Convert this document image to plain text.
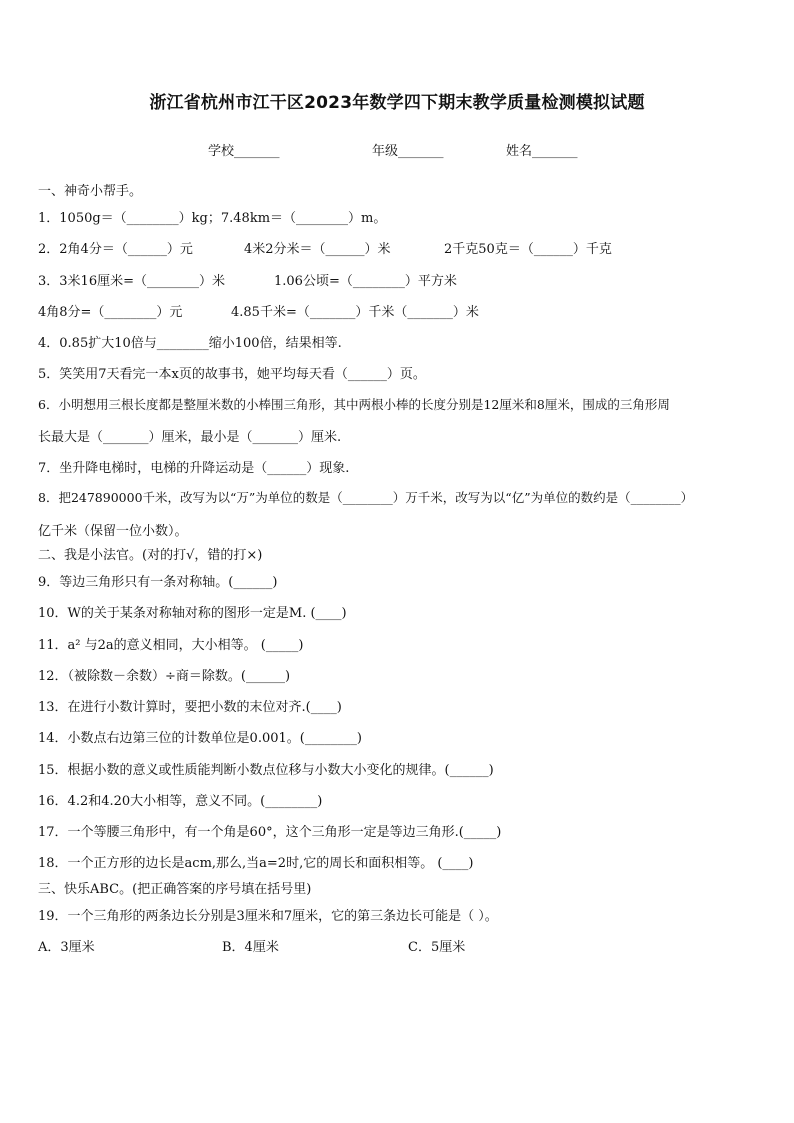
浙江省杭州市江干区2023年数学四下期末教学质量检测模拟试题
学校_______	年级_______	姓名_______
一、神奇小帮手。
1．1050g＝（________）kg；7.48km＝（________）m。
2．2角4分＝（______）元	4米2分米＝（______）米	2千克50克＝（______）千克
3．3米16厘米=（________）米	1.06公顷=（________）平方米
4角8分=（________）元	4.85千米=（_______）千米（_______）米
4．0.85扩大10倍与________缩小100倍，结果相等.
5．笑笑用7天看完一本x页的故事书，她平均每天看（______）页。
6．小明想用三根长度都是整厘米数的小棒围三角形，其中两根小棒的长度分别是12厘米和8厘米，围成的三角形周
长最大是（_______）厘米，最小是（_______）厘米.
7．坐升降电梯时，电梯的升降运动是（______）现象.
8．把247890000千米，改写为以“万”为单位的数是（________）万千米，改写为以“亿”为单位的数约是（________）
亿千米（保留一位小数）。
二、我是小法官。(对的打√，错的打×)
9．等边三角形只有一条对称轴。(______)
10．W的关于某条对称轴对称的图形一定是M. (____)
11．a² 与2a的意义相同，大小相等。 (_____)
12．（被除数－余数）÷商＝除数。(______)
13．在进行小数计算时，要把小数的末位对齐.(____)
14．小数点右边第三位的计数单位是0.001。(________)
15．根据小数的意义或性质能判断小数点位移与小数大小变化的规律。(______)
16．4.2和4.20大小相等，意义不同。(________)
17．一个等腰三角形中，有一个角是60°，这个三角形一定是等边三角形.(_____)
18．一个正方形的边长是acm,那么,当a=2时,它的周长和面积相等。 (____)
三、快乐ABC。(把正确答案的序号填在括号里)
19．一个三角形的两条边长分别是3厘米和7厘米，它的第三条边长可能是（ ）。
A．3厘米	B．4厘米	C．5厘米
